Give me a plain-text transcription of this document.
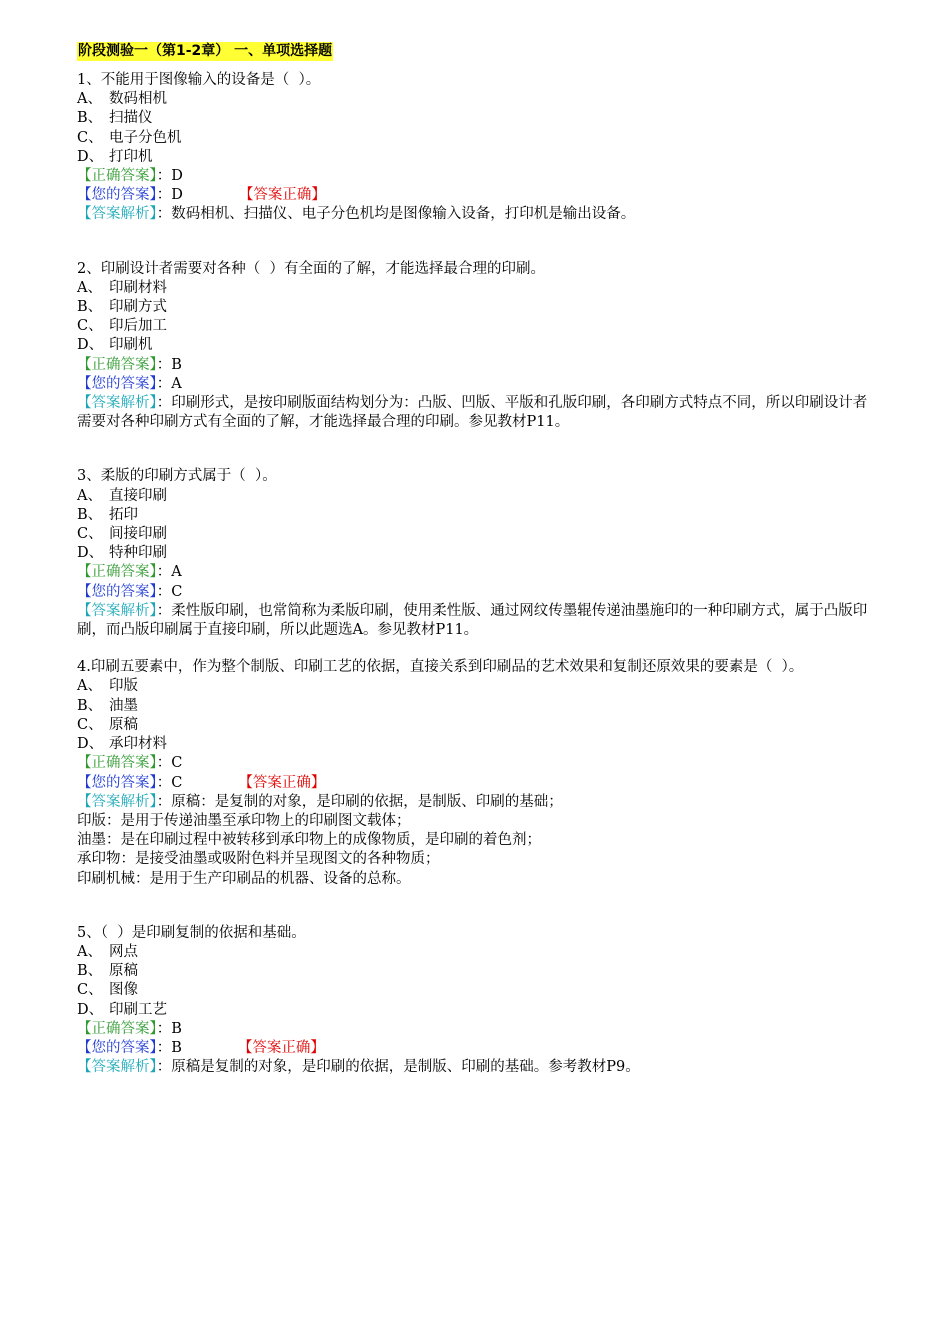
阶段测验一（第1-2章） 一、单项选择题
1、不能用于图像输入的设备是（  ）。
A、 数码相机
B、 扫描仪
C、 电子分色机
D、 打印机
【正确答案】：D
【您的答案】：D	【答案正确】
【答案解析】：数码相机、扫描仪、电子分色机均是图像输入设备，打印机是输出设备。
2、印刷设计者需要对各种（  ）有全面的了解，才能选择最合理的印刷。
A、 印刷材料
B、 印刷方式
C、 印后加工
D、 印刷机
【正确答案】：B
【您的答案】：A
【答案解析】：印刷形式，是按印刷版面结构划分为：凸版、凹版、平版和孔版印刷，各印刷方式特点不同，所以印刷设计者需要对各种印刷方式有全面的了解，才能选择最合理的印刷。参见教材P11。
3、柔版的印刷方式属于（  ）。
A、 直接印刷
B、 拓印
C、 间接印刷
D、 特种印刷
【正确答案】：A
【您的答案】：C
【答案解析】：柔性版印刷，也常简称为柔版印刷，使用柔性版、通过网纹传墨辊传递油墨施印的一种印刷方式，属于凸版印刷，而凸版印刷属于直接印刷，所以此题选A。参见教材P11。
4.印刷五要素中，作为整个制版、印刷工艺的依据，直接关系到印刷品的艺术效果和复制还原效果的要素是（  ）。
A、 印版
B、 油墨
C、 原稿
D、 承印材料
【正确答案】：C
【您的答案】：C	【答案正确】
【答案解析】：原稿：是复制的对象，是印刷的依据，是制版、印刷的基础；
印版：是用于传递油墨至承印物上的印刷图文载体；
油墨：是在印刷过程中被转移到承印物上的成像物质，是印刷的着色剂；
承印物：是接受油墨或吸附色料并呈现图文的各种物质；
印刷机械：是用于生产印刷品的机器、设备的总称。
5、（  ）是印刷复制的依据和基础。
A、 网点
B、 原稿
C、 图像
D、 印刷工艺
【正确答案】：B
【您的答案】：B	【答案正确】
【答案解析】：原稿是复制的对象，是印刷的依据，是制版、印刷的基础。参考教材P9。
